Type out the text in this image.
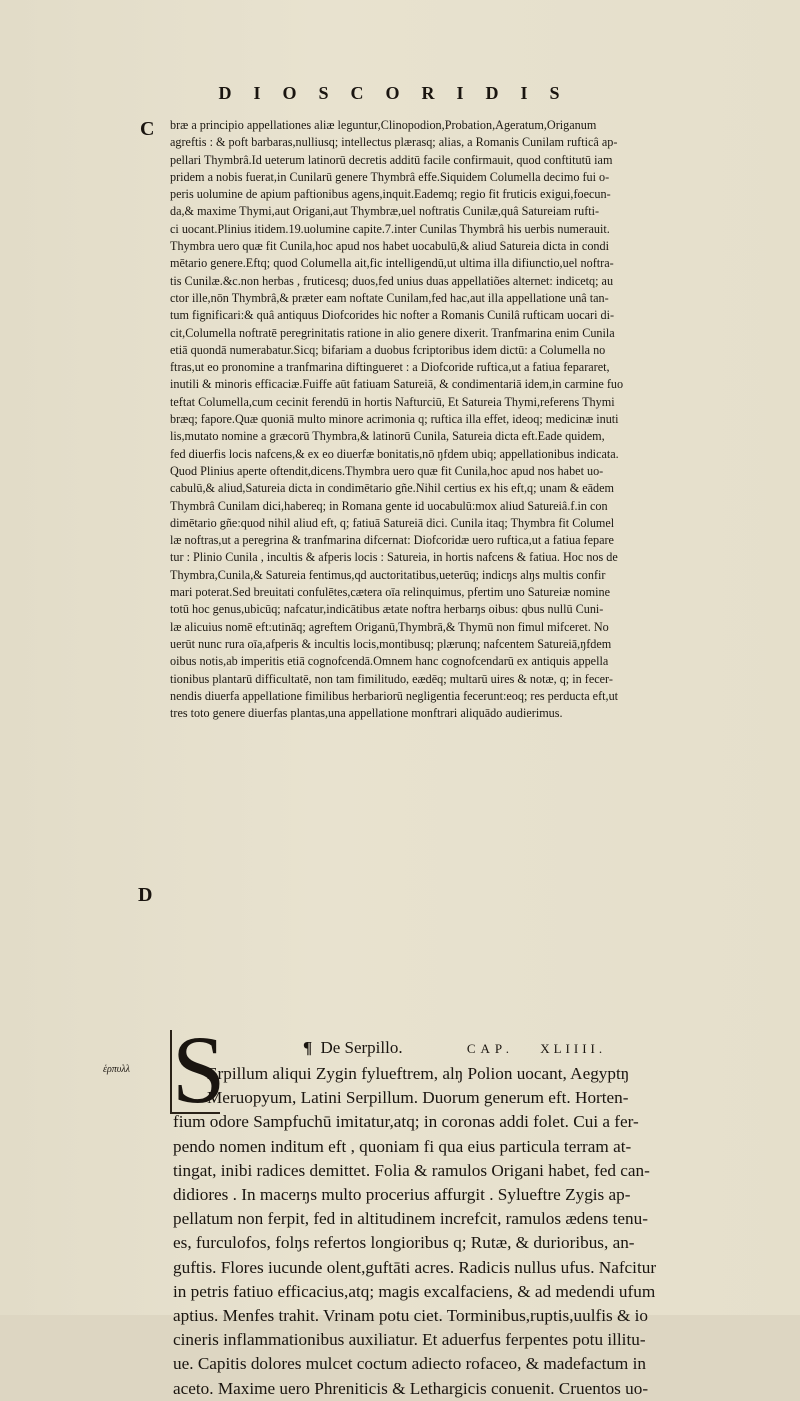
DIOSCORIDIS
C
D
ἑρπυλλ
bræ a principio appellationes aliæ leguntur,Clinopodion,Probation,Ageratum,Origanum
agreftis : & poft barbaras,nulliusq; intellectus plærasq; alias, a Romanis Cunilam rufticâ ap-
pellari Thymbrâ.Id ueterum latinorū decretis additū facile confirmauit, quod conftitutū iam
pridem a nobis fuerat,in Cunilarū genere Thymbrâ effe.Siquidem Columella decimo fui o-
peris uolumine de apium paftionibus agens,inquit.Eademq; regio fit fruticis exigui,foecun-
da,& maxime Thymi,aut Origani,aut Thymbræ,uel noftratis Cunilæ,quâ Satureiam rufti-
ci uocant.Plinius itidem.19.uolumine capite.7.inter Cunilas Thymbrâ his uerbis numerauit.
Thymbra uero quæ fit Cunila,hoc apud nos habet uocabulū,& aliud Satureia dicta in condi
mētario genere.Eftq; quod Columella ait,fic intelligendū,ut ultima illa difiunctio,uel noftra-
tis Cunilæ.&c.non herbas , fruticesq; duos,fed unius duas appellatiões alternet: indicetq; au
ctor ille,nōn Thymbrâ,& præter eam noftate Cunilam,fed hac,aut illa appellatione unâ tan-
tum fignificari:& quâ antiquus Diofcorides hic nofter a Romanis Cunilâ rufticam uocari di-
cit,Columella noftratē peregrinitatis ratione in alio genere dixerit. Tranfmarina enim Cunila
etiā quondā numerabatur.Sicq; bifariam a duobus fcriptoribus idem dictū: a Columella no
ftras,ut eo pronomine a tranfmarina diftingueret : a Diofcoride ruftica,ut a fatiua fepararet,
inutili & minoris efficaciæ.Fuiffe aūt fatiuam Satureiā, & condimentariā idem,in carmine fuo
teftat Columella,cum cecinit ferendū in hortis Nafturciū, Et Satureia Thymi,referens Thymi
bræq; fapore.Quæ quoniā multo minore acrimonia q; ruftica illa effet, ideoq; medicinæ inuti
lis,mutato nomine a græcorū Thymbra,& latinorū Cunila, Satureia dicta eft.Eade quidem,
fed diuerfis locis nafcens,& ex eo diuerfæ bonitatis,nō ŋfdem ubiq; appellationibus indicata.
Quod Plinius aperte oftendit,dicens.Thymbra uero quæ fit Cunila,hoc apud nos habet uo-
cabulū,& aliud,Satureia dicta in condimētario gñe.Nihil certius ex his eft,q; unam & eādem
Thymbrâ Cunilam dici,habereq; in Romana gente id uocabulū:mox aliud Satureiâ.f.in con
dimētario gñe:quod nihil aliud eft, q; fatiuā Satureiā dici. Cunila itaq; Thymbra fit Columel
læ noftras,ut a peregrina & tranfmarina difcernat: Diofcoridæ uero ruftica,ut a fatiua fepare
tur : Plinio Cunila , incultis & afperis locis : Satureia, in hortis nafcens & fatiua. Hoc nos de
Thymbra,Cunila,& Satureia fentimus,qd auctoritatibus,ueterūq; indicŋs alŋs multis confir
mari poterat.Sed breuitati confulētes,cætera oīa relinquimus, pfertim uno Satureiæ nomine
totū hoc genus,ubicūq; nafcatur,indicātibus ætate noftra herbarŋs oibus: qbus nullū Cuni-
læ alicuius nomē eft:utināq; agreftem Origanū,Thymbrā,& Thymū non fimul mifceret. No
uerūt nunc rura oīa,afperis & incultis locis,montibusq; plærunq; nafcentem Satureiā,ŋfdem
oibus notis,ab imperitis etiā cognofcendā.Omnem hanc cognofcendarū ex antiquis appella
tionibus plantarū difficultatē, non tam fimilitudo, eædēq; multarū uires & notæ, q; in fecer-
nendis diuerfa appellatione fimilibus herbariorū negligentia fecerunt:eoq; res perducta eft,ut
tres toto genere diuerfas plantas,una appellatione monftrari aliquādo audierimus.
¶ De Serpillo.	CAP. XLIIII.
S
Erpillum aliqui Zygin fylueftrem, alŋ Polion uocant, Aegyptŋ
Meruopyum, Latini Serpillum. Duorum generum eft. Horten-
fium odore Sampfuchū imitatur,atq; in coronas addi folet. Cui a fer-
pendo nomen inditum eft , quoniam fi qua eius particula terram at-
tingat, inibi radices demittet. Folia & ramulos Origani habet, fed can-
didiores . In macerŋs multo procerius affurgit . Sylueftre Zygis ap-
pellatum non ferpit, fed in altitudinem increfcit, ramulos ædens tenu-
es, furculofos, folŋs refertos longioribus q; Rutæ, & durioribus, an-
guftis. Flores iucunde olent,guftāti acres. Radicis nullus ufus. Nafcitur
in petris fatiuo efficacius,atq; magis excalfaciens, & ad medendi ufum
aptius. Menfes trahit. Vrinam potu ciet. Torminibus,ruptis,uulfis & io
cineris inflammationibus auxiliatur. Et aduerfus ferpentes potu illitu-
ue. Capitis dolores mulcet coctum adiecto rofaceo, & madefactum in
aceto. Maxime uero Phreniticis & Lethargicis conuenit. Cruentos uo-
